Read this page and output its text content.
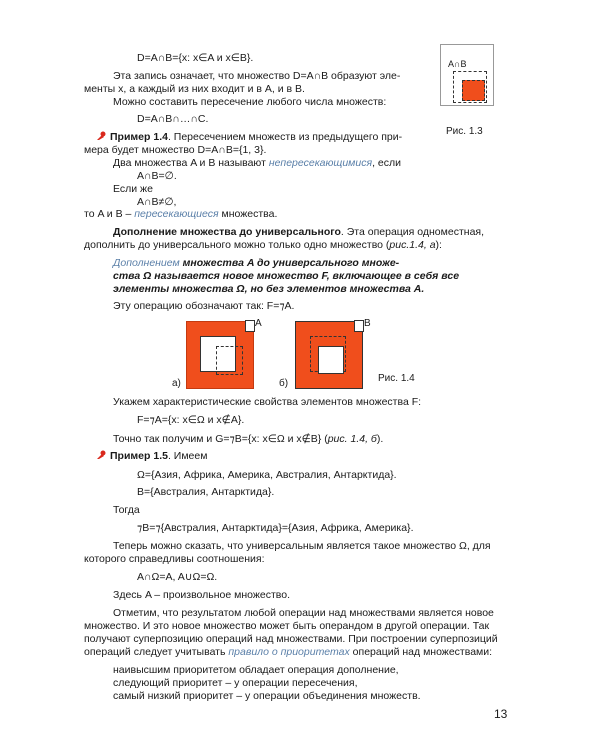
D=A∩B={x: x∈A и x∈B}.
Эта запись означает, что множество D=A∩B образуют эле-
менты x, а каждый из них входит и в A, и в B.
Можно составить пересечение любого числа множеств:
D=A∩B∩…∩C.
Пример 1.4. Пересечением множеств из предыдущего при-
мера будет множество D=A∩B={1, 3}.
Два множества A и B называют непересекающимися, если
A∩B=∅.
Если же
A∩B≠∅,
то A и B – пересекающиеся множества.
Дополнение множества до универсального. Эта операция одноместная,
дополнить до универсального можно только одно множество (рис.1.4, а):
Дополнением множества A до универсального множе-
ства Ω называется новое множество F, включающее в себя все
элементы множества Ω, но без элементов множества A.
Эту операцию обозначают так: F=⁊A.
A∩B
Рис. 1.3
A
а)
B
б)	Рис. 1.4
Укажем характеристические свойства элементов множества F:
F=⁊A={x: x∈Ω и x∉A}.
Точно так получим и G=⁊B={x: x∈Ω и x∉B} (рис. 1.4, б).
Пример 1.5. Имеем
Ω={Азия, Африка, Америка, Австралия, Антарктида}.
B={Австралия, Антарктида}.
Тогда
⁊B=⁊{Австралия, Антарктида}={Азия, Африка, Америка}.
Теперь можно сказать, что универсальным является такое множество Ω, для
которого справедливы соотношения:
A∩Ω=A, A∪Ω=Ω.
Здесь A – произвольное множество.
Отметим, что результатом любой операции над множествами является новое
множество. И это новое множество может быть операндом в другой операции. Так
получают суперпозицию операций над множествами. При построении суперпозиций
операций следует учитывать правило о приоритетах операций над множествами:
наивысшим приоритетом обладает операция дополнение,
следующий приоритет – у операции пересечения,
самый низкий приоритет – у операции объединения множеств.
13
